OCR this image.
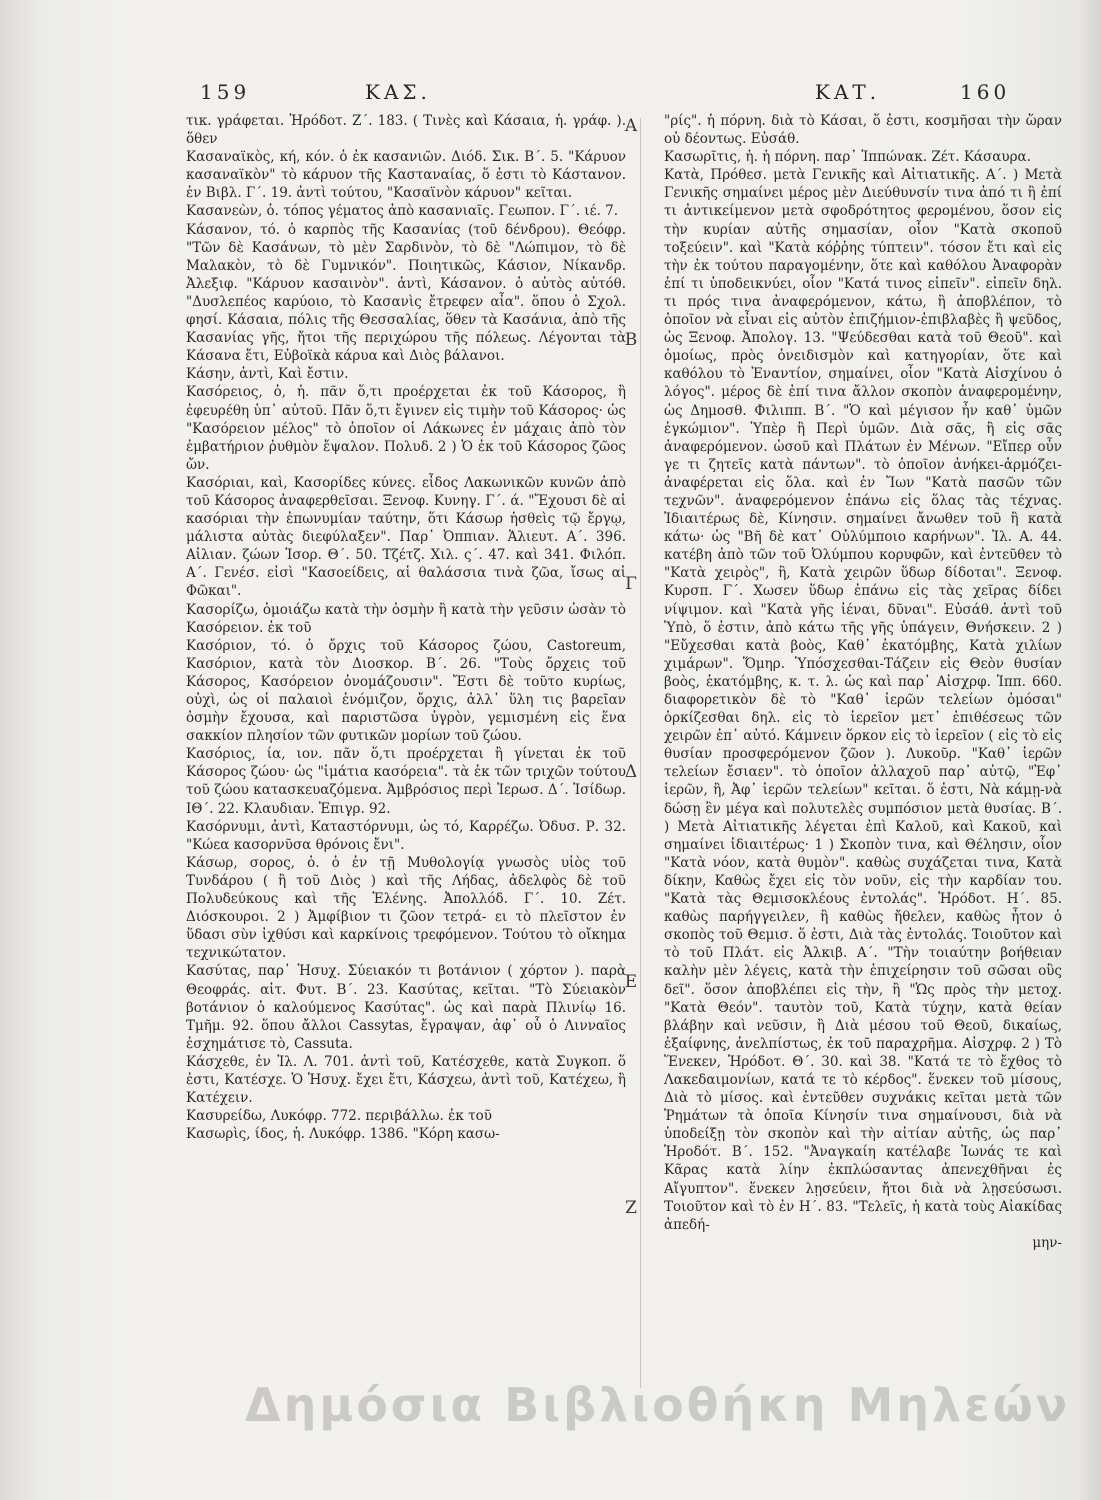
159	ΚΑΣ.	ΚΑΤ.	160
Α
Β
Γ
Δ
Ε
Ζ

τικ. γράφεται. Ἡρόδοτ. Ζ΄. 183. ( Τινὲς καὶ Κάσαια, ἡ. γράφ. ). ὅθεν

Κασαναϊκὸς, κή, κόν. ὁ ἐκ κασανιῶν. Διόδ. Σικ. Β΄. 5. "Κάρυον κασαναϊκὸν" τὸ κάρυον τῆς Κασταναίας, ὅ ἐστι τὸ Κάστανον. ἐν Βιβλ. Γ΄. 19. ἀντὶ τούτου, "Κασαϊνὸν κάρυον" κεῖται.

Κασανεὼν, ὁ. τόπος γέματος ἀπὸ κασανιαῖς. Γεωπον. Γ΄. ιέ. 7.

Κάσανον, τό. ὁ καρπὸς τῆς Κασανίας (τοῦ δένδρου). Θεόφρ. "Τῶν δὲ Κασάνων, τὸ μὲν Σαρδινὸν, τὸ δὲ "Λώπιμον, τὸ δὲ Μαλακὸν, τὸ δὲ Γυμνικόν". Ποιητικῶς, Κάσιον, Νίκανδρ. Ἀλεξιφ. "Κάρυον κασαινὸν". ἀντὶ, Κάσανον. ὁ αὐτὸς αὐτόθ. "Δυσλεπέος καρύοιο, τὸ Κασανὶς ἔτρεφεν αἶα". ὅπου ὁ Σχολ. φησί. Κάσαια, πόλις τῆς Θεσσαλίας, ὅθεν τὰ Κασάνια, ἀπὸ τῆς Κασανίας γῆς, ἤτοι τῆς περιχώρου τῆς πόλεως. Λέγονται τὰ Κάσανα ἔτι, Εὐβοϊκὰ κάρυα καὶ Διὸς βάλανοι.

Κάσην, ἀντὶ, Καὶ ἔστιν.

Κασόρειος, ὁ, ἡ. πᾶν ὅ,τι προέρχεται ἐκ τοῦ Κάσορος, ἢ ἐφευρέθη ὑπ᾽ αὐτοῦ. Πᾶν ὅ,τι ἔγινεν εἰς τιμὴν τοῦ Κάσορος· ὡς "Κασόρειον μέλος" τὸ ὁποῖον οἱ Λάκωνες ἐν μάχαις ἀπὸ τὸν ἐμβατήριον ῥυθμὸν ἔψαλον. Πολυδ. 2 ) Ὁ ἐκ τοῦ Κάσορος ζῶος ὤν.

Κασόριαι, καὶ, Κασορίδες κύνες. εἶδος Λακωνικῶν κυνῶν ἀπὸ τοῦ Κάσορος ἀναφερθεῖσαι. Ξενοφ. Κυνηγ. Γ΄. ά. "Ἔχουσι δὲ αἱ κασόριαι τὴν ἐπωνυμίαν ταύτην, ὅτι Κάσωρ ἡσθεὶς τῷ ἔργῳ, μάλιστα αὐτὰς διεφύλαξεν". Παρ᾽ Ὀππιαν. Ἁλιευτ. Α΄. 396. Αἰλιαν. ζώων Ἱσορ. Θ΄. 50. Τζέτζ. Χιλ. ς΄. 47. καὶ 341. Φιλόπ. Α΄. Γενέσ. εἰσὶ "Κασοείδεις, αἱ θαλάσσια τινὰ ζῶα, ἴσως αἱ Φῶκαι".

Κασορίζω, ὁμοιάζω κατὰ τὴν ὀσμὴν ἢ κατὰ τὴν γεῦσιν ὡσὰν τὸ Κασόρειον. ἐκ τοῦ

Κασόριον, τό. ὁ ὄρχις τοῦ Κάσορος ζώου, Castoreum, Κασόριον, κατὰ τὸν Διοσκορ. Β΄. 26. "Τοὺς ὄρχεις τοῦ Κάσορος, Κασόρειον ὀνομάζουσιν". Ἔστι δὲ τοῦτο κυρίως, οὐχὶ, ὡς οἱ παλαιοὶ ἐνόμιζον, ὄρχις, ἀλλ᾽ ὕλη τις βαρεῖαν ὀσμὴν ἔχουσα, καὶ παριστῶσα ὑγρὸν, γεμισμένη εἰς ἕνα σακκίον πλησίον τῶν φυτικῶν μορίων τοῦ ζώου.

Κασόριος, ία, ιον. πᾶν ὅ,τι προέρχεται ἢ γίνεται ἐκ τοῦ Κάσορος ζώου· ὡς "ἱμάτια κασόρεια". τὰ ἐκ τῶν τριχῶν τούτου τοῦ ζώου κατασκευαζόμενα. Ἀμβρόσιος περὶ Ἱερωσ. Δ΄. Ἰσίδωρ. ΙΘ΄. 22. Κλαυδιαν. Ἐπιγρ. 92.

Κασόρνυμι, ἀντὶ, Καταστόρνυμι, ὡς τό, Καρρέζω. Ὀδυσ. Ρ. 32. "Κώεα κασορνῦσα θρόνοις ἔνι".

Κάσωρ, σορος, ὁ. ὁ ἐν τῇ Μυθολογίᾳ γνωσὸς υἱὸς τοῦ Τυνδάρου ( ἢ τοῦ Διὸς ) καὶ τῆς Λήδας, ἀδελφὸς δὲ τοῦ Πολυδεύκους καὶ τῆς Ἑλένης. Ἀπολλόδ. Γ΄. 10. Ζέτ. Διόσκουροι. 2 ) Ἀμφίβιον τι ζῶον τετρά- ει τὸ πλεῖστον ἐν ὕδασι σὺν ἰχθύσι καὶ καρκίνοις τρεφόμενον. Τούτου τὸ οἴκημα τεχνικώτατον.

Κασύτας, παρ᾽ Ἡσυχ. Σύειακόν τι βοτάνιον ( χόρτον ). παρὰ Θεοφράς. αἰτ. Φυτ. Β΄. 23. Κασύτας, κεῖται. "Τὸ Σύειακὸν βοτάνιον ὁ καλούμενος Κασύτας". ὡς καὶ παρὰ Πλινίῳ 16. Τμῆμ. 92. ὅπου ἄλλοι Cassytas, ἔγραψαν, ἀφ᾽ οὗ ὁ Λινναῖος ἐσχημάτισε τὸ, Cassuta.

Κάσχεθε, ἐν Ἰλ. Λ. 701. ἀντὶ τοῦ, Κατέσχεθε, κατὰ Συγκοπ. ὅ ἐστι, Κατέσχε. Ὁ Ἡσυχ. ἔχει ἔτι, Κάσχεω, ἀντὶ τοῦ, Κατέχεω, ἢ Κατέχειν.

Κασυρείδω, Λυκόφρ. 772. περιβάλλω. ἐκ τοῦ

Κασωρὶς, ίδος, ἡ. Λυκόφρ. 1386. "Κόρη κασω-

"ρίς". ἡ πόρνη. διὰ τὸ Κάσαι, ὅ ἐστι, κοσμῆσαι τὴν ὥραν οὐ δέοντως. Εὐσάθ.

Κασωρῖτις, ἡ. ἡ πόρνη. παρ᾽ Ἱππώνακ. Ζέτ. Κάσαυρα.

Κατὰ, Πρόθεσ. μετὰ Γενικῆς καὶ Αἰτιατικῆς. Α΄. ) Μετὰ Γενικῆς σημαίνει μέρος μὲν Διεύθυνσίν τινα ἀπό τι ἢ ἐπί τι ἀντικείμενον μετὰ σφοδρότητος φερομένου, ὅσον εἰς τὴν κυρίαν αὐτῆς σημασίαν, οἷον "Κατὰ σκοποῦ τοξεύειν". καὶ "Κατὰ κόῤῥης τύπτειν". τόσον ἔτι καὶ εἰς τὴν ἐκ τούτου παραγομένην, ὅτε καὶ καθόλου Ἀναφορὰν ἐπί τι ὑποδεικνύει, οἷον "Κατά τινος εἰπεῖν". εἰπεῖν δηλ. τι πρός τινα ἀναφερόμενον, κάτω, ἢ ἀποβλέπον, τὸ ὁποῖον νὰ εἶναι εἰς αὐτὸν ἐπιζήμιον-ἐπιβλαβὲς ἢ ψεῦδος, ὡς Ξενοφ. Ἀπολογ. 13. "Ψεύδεσθαι κατὰ τοῦ Θεοῦ". καὶ ὁμοίως, πρὸς ὀνειδισμὸν καὶ κατηγορίαν, ὅτε καὶ καθόλου τὸ Ἐναντίον, σημαίνει, οἷον "Κατὰ Αἰσχίνου ὁ λόγος". μέρος δὲ ἐπί τινα ἄλλον σκοπὸν ἀναφερομένην, ὡς Δημοσθ. Φιλιππ. Β΄. "Ὁ καὶ μέγισον ἦν καθ᾽ ὑμῶν ἐγκώμιον". Ὑπὲρ ἢ Περὶ ὑμῶν. Διὰ σᾶς, ἢ εἰς σᾶς ἀναφερόμενον. ὡσοῦ καὶ Πλάτων ἐν Μένων. "Εἴπερ οὖν γε τι ζητεῖς κατὰ πάντων". τὸ ὁποῖον ἀνήκει-ἁρμόζει-ἀναφέρεται εἰς ὅλα. καὶ ἐν Ἴων "Κατὰ πασῶν τῶν τεχνῶν". ἀναφερόμενον ἐπάνω εἰς ὅλας τὰς τέχνας. Ἰδιαιτέρως δὲ, Κίνησιν. σημαίνει ἄνωθεν τοῦ ἢ κατὰ κάτω· ὡς "Βῆ δὲ κατ᾽ Οὐλύμποιο καρήνων". Ἰλ. Α. 44. κατέβη ἀπὸ τῶν τοῦ Ὀλύμπου κορυφῶν, καὶ ἐντεῦθεν τὸ "Κατὰ χειρὸς", ἢ, Κατὰ χειρῶν ὕδωρ δίδοται". Ξενοφ. Κυρσπ. Γ΄. Χωσεν ὕδωρ ἐπάνω εἰς τὰς χεῖρας δίδει νίψιμον. καὶ "Κατὰ γῆς ἰέναι, δῦναι". Εὐσάθ. ἀντὶ τοῦ Ὑπὸ, ὅ ἐστιν, ἀπὸ κάτω τῆς γῆς ὑπάγειν, Θνήσκειν. 2 ) "Εὔχεσθαι κατὰ βοὸς, Καθ᾽ ἑκατόμβης, Κατὰ χιλίων χιμάρων". Ὅμηρ. Ὑπόσχεσθαι-Τάζειν εἰς Θεὸν θυσίαν βοὸς, ἑκατόμβης, κ. τ. λ. ὡς καὶ παρ᾽ Αἰσχρφ. Ἱππ. 660. διαφορετικὸν δὲ τὸ "Καθ᾽ ἱερῶν τελείων ὀμόσαι" ὁρκίζεσθαι δηλ. εἰς τὸ ἱερεῖον μετ᾽ ἐπιθέσεως τῶν χειρῶν ἐπ᾽ αὐτό. Κάμνειν ὅρκον εἰς τὸ ἱερεῖον ( εἰς τὸ εἰς θυσίαν προσφερόμενον ζῶον ). Λυκοῦρ. "Καθ᾽ ἱερῶν τελείων ἔσιαεν". τὸ ὁποῖον ἀλλαχοῦ παρ᾽ αὐτῷ, "Ἐφ᾽ ἱερῶν, ἢ, Ἀφ᾽ ἱερῶν τελείων" κεῖται. ὅ ἐστι, Νὰ κάμῃ-νὰ δώσῃ ἓν μέγα καὶ πολυτελὲς συμπόσιον μετὰ θυσίας. Β΄. ) Μετὰ Αἰτιατικῆς λέγεται ἐπὶ Καλοῦ, καὶ Κακοῦ, καὶ σημαίνει ἰδιαιτέρως· 1 ) Σκοπὸν τινα, καὶ Θέλησιν, οἷον "Κατὰ νόον, κατὰ θυμὸν". καθὼς συχάζεται τινα, Κατὰ δίκην, Καθὼς ἔχει εἰς τὸν νοῦν, εἰς τὴν καρδίαν του. "Κατὰ τὰς Θεμισοκλέους ἐντολάς". Ἡρόδοτ. Η΄. 85. καθὼς παρήγγειλεν, ἢ καθὼς ἤθελεν, καθὼς ἦτον ὁ σκοπὸς τοῦ Θεμισ. ὅ ἐστι, Διὰ τὰς ἐντολάς. Τοιοῦτον καὶ τὸ τοῦ Πλάτ. εἰς Ἀλκιβ. Α΄. "Τὴν τοιαύτην βοήθειαν καλὴν μὲν λέγεις, κατὰ τὴν ἐπιχείρησιν τοῦ σῶσαι οὓς δεῖ". ὅσον ἀποβλέπει εἰς τὴν, ἢ "Ὡς πρὸς τὴν μετοχ. "Κατὰ Θεόν". ταυτὸν τοῦ, Κατὰ τύχην, κατὰ θείαν βλάβην καὶ νεῦσιν, ἢ Διὰ μέσου τοῦ Θεοῦ, δικαίως, ἐξαίφνης, ἀνελπίστως, ἐκ τοῦ παραχρῆμα. Αἰσχρφ. 2 ) Τὸ Ἕνεκεν, Ἡρόδοτ. Θ΄. 30. καὶ 38. "Κατά τε τὸ ἔχθος τὸ Λακεδαιμονίων, κατά τε τὸ κέρδος". ἕνεκεν τοῦ μίσους, Διὰ τὸ μίσος. καὶ ἐντεῦθεν συχνάκις κεῖται μετὰ τῶν Ῥημάτων τὰ ὁποῖα Κίνησίν τινα σημαίνουσι, διὰ νὰ ὑποδείξῃ τὸν σκοπὸν καὶ τὴν αἰτίαν αὐτῆς, ὡς παρ᾽ Ἡροδότ. Β΄. 152. "Ἀναγκαίη κατέλαβε Ἰωνάς τε καὶ Κᾶρας κατὰ λίην ἐκπλώσαντας ἀπενεχθῆναι ἐς Αἴγυπτον". ἕνεκεν λῃσεύειν, ἤτοι διὰ νὰ λῃσεύσωσι. Τοιοῦτον καὶ τὸ ἐν Η΄. 83. "Τελεῖς, ἡ κατὰ τοὺς Αἰακίδας ἀπεδή-

μην-

Δημόσια Βιβλιοθήκη Μηλεών
